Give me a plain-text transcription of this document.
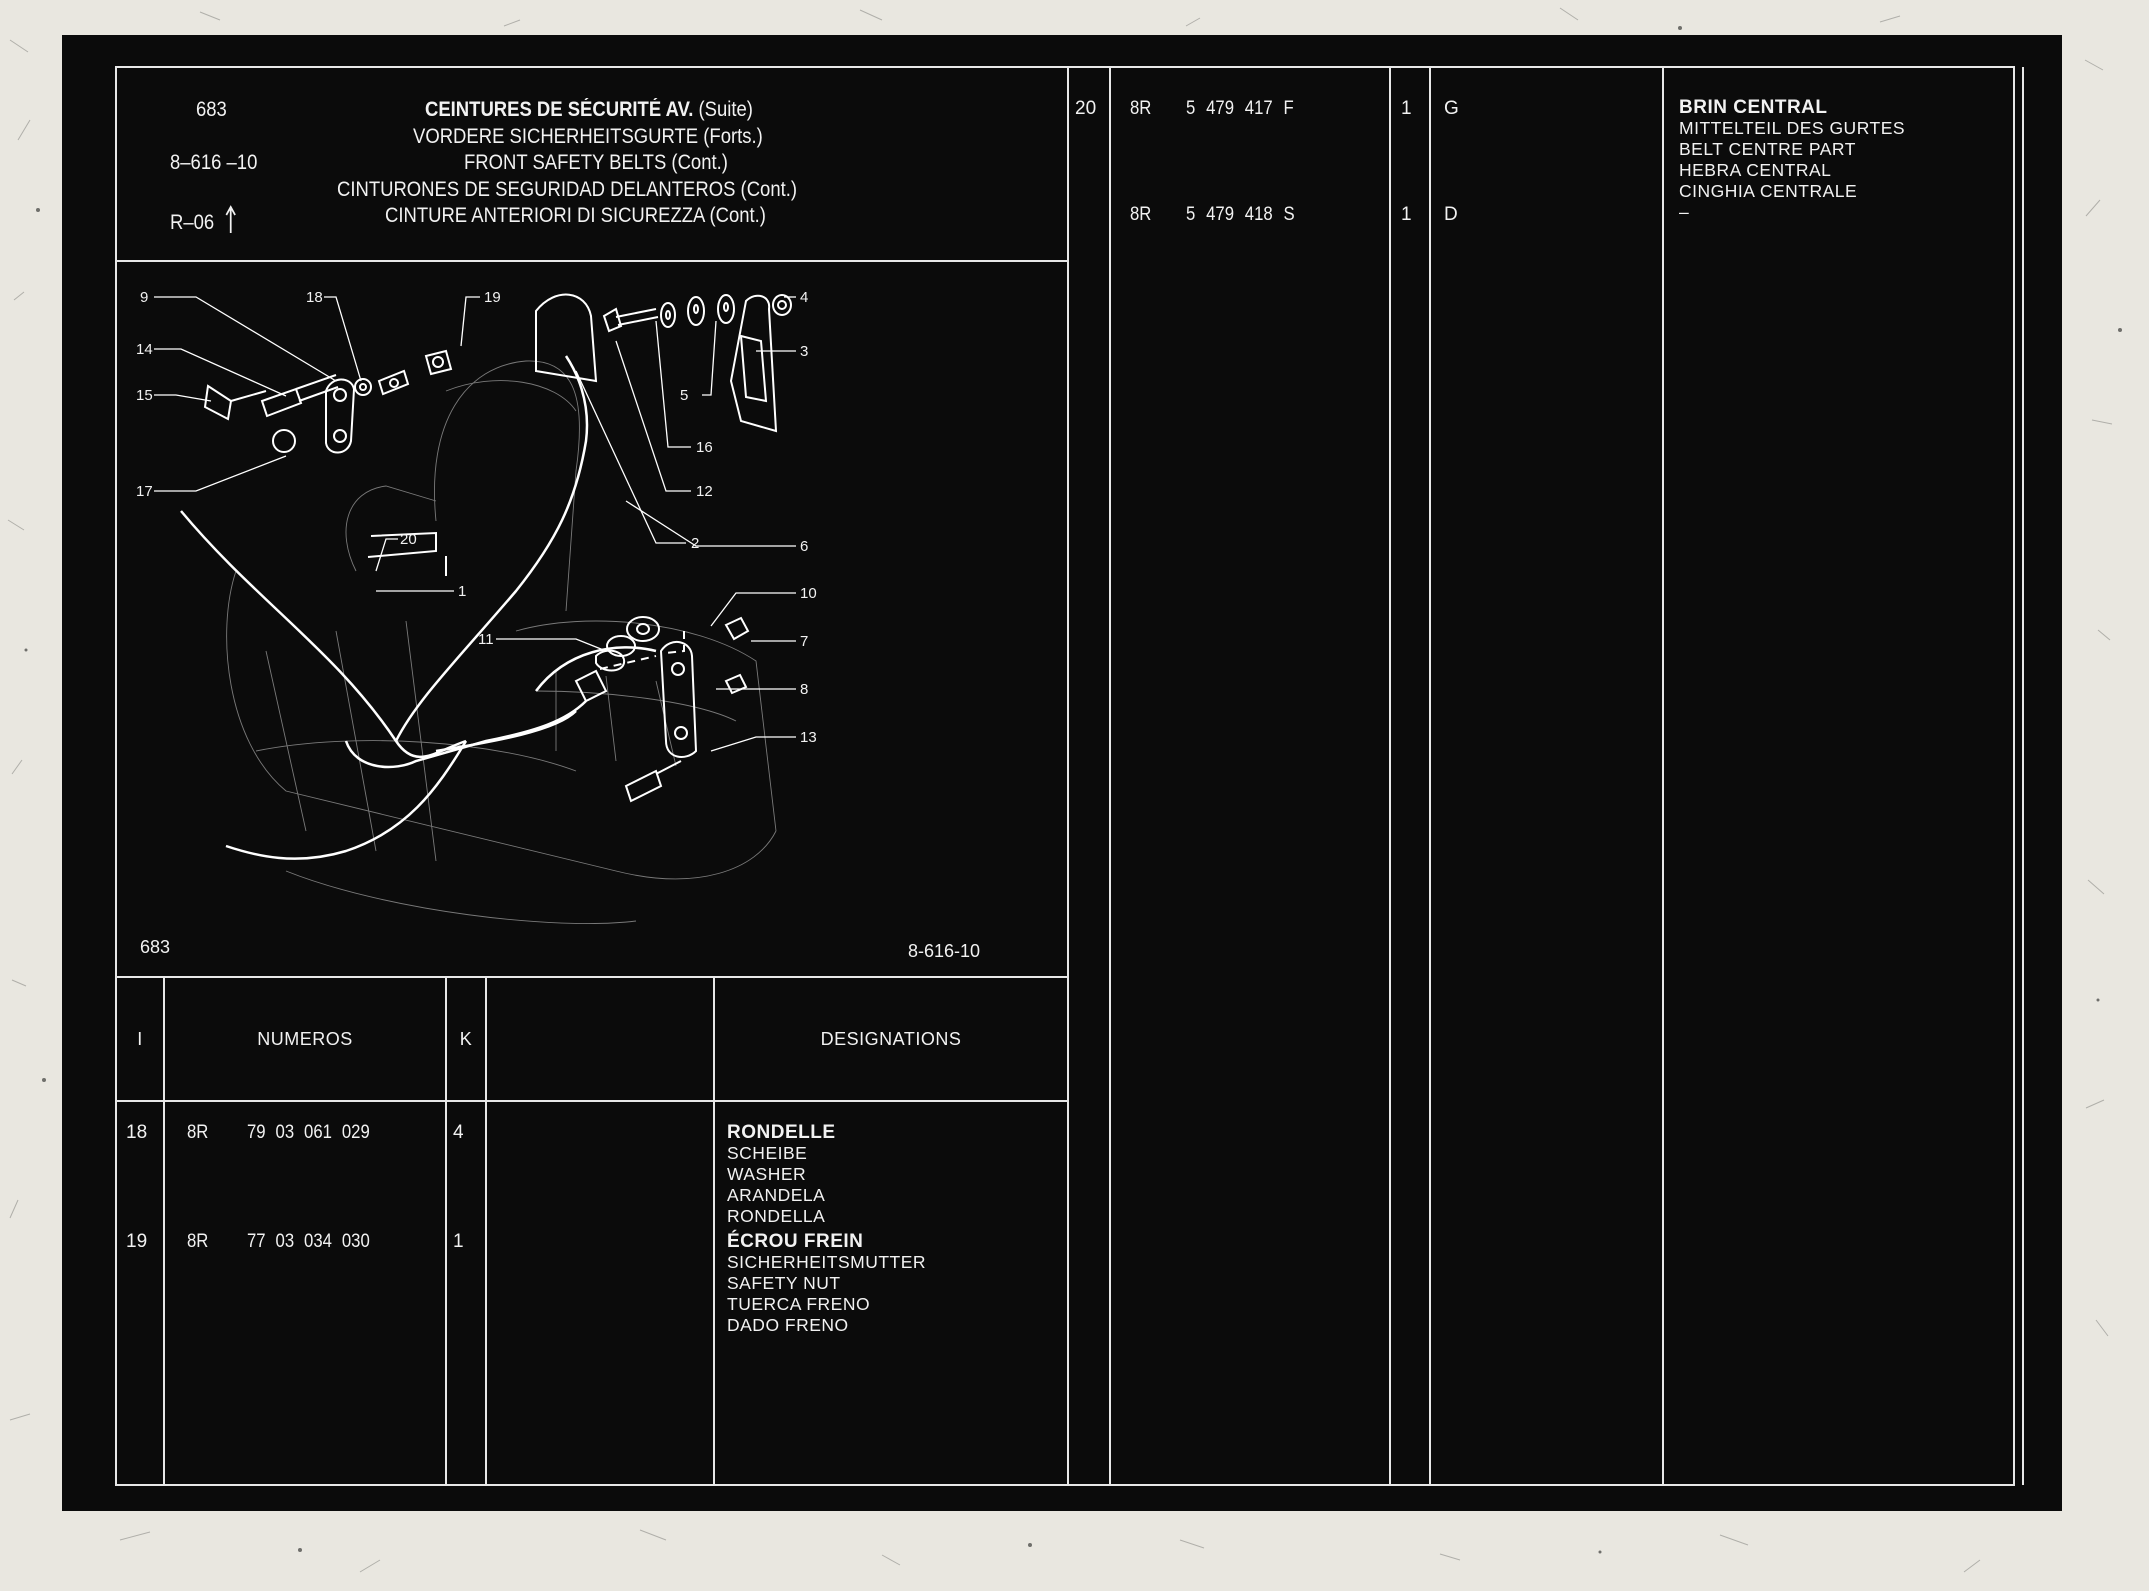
683
8–616 –10
R–06
CEINTURES DE SÉCURITÉ AV. (Suite)
VORDERE SICHERHEITSGURTE (Forts.)
FRONT SAFETY BELTS (Cont.)
CINTURONES DE SEGURIDAD DELANTEROS (Cont.)
CINTURE ANTERIORI DI SICUREZZA (Cont.)
9	18	19	4
14	3
15	5
16
17	12
2
20	6
1	10
11	7
8
13
683	8-616-10
I	NUMEROS	K	DESIGNATIONS
18 8R 79 03 061 029	4	RONDELLE
SCHEIBE
WASHER
ARANDELA
RONDELLA
19 8R 77 03 034 030	1	ÉCROU FREIN
SICHERHEITSMUTTER
SAFETY NUT
TUERCA FRENO
DADO FRENO
20 8R 5 479 417 F	1 G
8R 5 479 418 S	1 D
BRIN CENTRAL
MITTELTEIL DES GURTES
BELT CENTRE PART
HEBRA CENTRAL
CINGHIA CENTRALE
–
